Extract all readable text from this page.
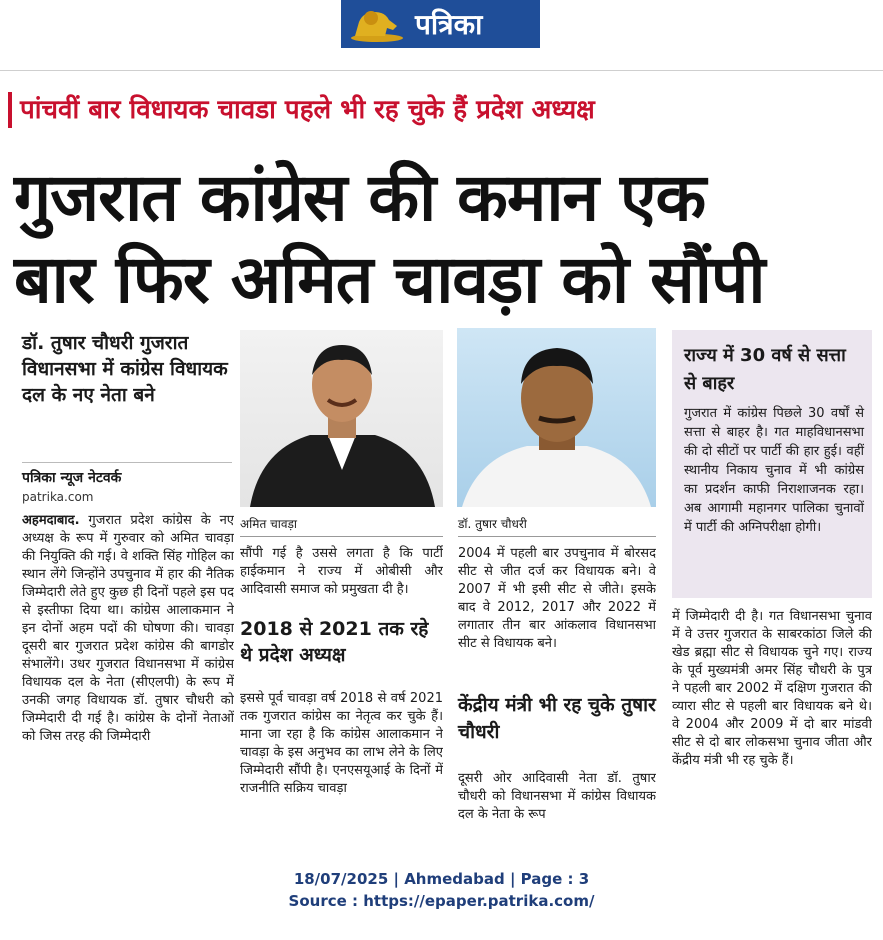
पत्रिका
पांचवीं बार विधायक चावडा पहले भी रह चुके हैं प्रदेश अध्यक्ष
गुजरात कांग्रेस की कमान एक
बार फिर अमित चावड़ा को सौंपी
डॉ. तुषार चौधरी गुजरात विधानसभा में कांग्रेस विधायक दल के नए नेता बने
पत्रिका न्यूज नेटवर्क
patrika.com
अहमदाबाद. गुजरात प्रदेश कांग्रेस के नए अध्यक्ष के रूप में गुरुवार को अमित चावड़ा की नियुक्ति की गई। वे शक्ति सिंह गोहिल का स्थान लेंगे जिन्होंने उपचुनाव में हार की नैतिक जिम्मेदारी लेते हुए कुछ ही दिनों पहले इस पद से इस्तीफा दिया था। कांग्रेस आलाकमान ने इन दोनों अहम पदों की घोषणा की। चावड़ा दूसरी बार गुजरात प्रदेश कांग्रेस की बागडोर संभालेंगे। उधर गुजरात विधानसभा में कांग्रेस विधायक दल के नेता (सीएलपी) के रूप में उनकी जगह विधायक डॉ. तुषार चौधरी को जिम्मेदारी दी गई है। कांग्रेस के दोनों नेताओं को जिस तरह की जिम्मेदारी
अमित चावड़ा
सौंपी गई है उससे लगता है कि पार्टी हाईकमान ने राज्य में ओबीसी और आदिवासी समाज को प्रमुखता दी है।
2018 से 2021 तक रहे थे प्रदेश अध्यक्ष
इससे पूर्व चावड़ा वर्ष 2018 से वर्ष 2021 तक गुजरात कांग्रेस का नेतृत्व कर चुके हैं। माना जा रहा है कि कांग्रेस आलाकमान ने चावड़ा के इस अनुभव का लाभ लेने के लिए जिम्मेदारी सौंपी है। एनएसयूआई के दिनों में राजनीति सक्रिय चावड़ा
डॉ. तुषार चौधरी
2004 में पहली बार उपचुनाव में बोरसद सीट से जीत दर्ज कर विधायक बने। वे 2007 में भी इसी सीट से जीते। इसके बाद वे 2012, 2017 और 2022 में लगातार तीन बार आंकलाव विधानसभा सीट से विधायक बने।
केंद्रीय मंत्री भी रह चुके तुषार चौधरी
दूसरी ओर आदिवासी नेता डॉ. तुषार चौधरी को विधानसभा में कांग्रेस विधायक दल के नेता के रूप
राज्य में 30 वर्ष से सत्ता से बाहर
गुजरात में कांग्रेस पिछले 30 वर्षों से सत्ता से बाहर है। गत माहविधानसभा की दो सीटों पर पार्टी की हार हुई। वहीं स्थानीय निकाय चुनाव में भी कांग्रेस का प्रदर्शन काफी निराशाजनक रहा। अब आगामी महानगर पालिका चुनावों में पार्टी की अग्निपरीक्षा होगी।
में जिम्मेदारी दी है। गत विधानसभा चुनाव में वे उत्तर गुजरात के साबरकांठा जिले की खेड ब्रह्मा सीट से विधायक चुने गए। राज्य के पूर्व मुख्यमंत्री अमर सिंह चौधरी के पुत्र ने पहली बार 2002 में दक्षिण गुजरात की व्यारा सीट से पहली बार विधायक बने थे। वे 2004 और 2009 में दो बार मांडवी सीट से दो बार लोकसभा चुनाव जीता और केंद्रीय मंत्री भी रह चुके हैं।
18/07/2025 | Ahmedabad | Page : 3
Source : https://epaper.patrika.com/
